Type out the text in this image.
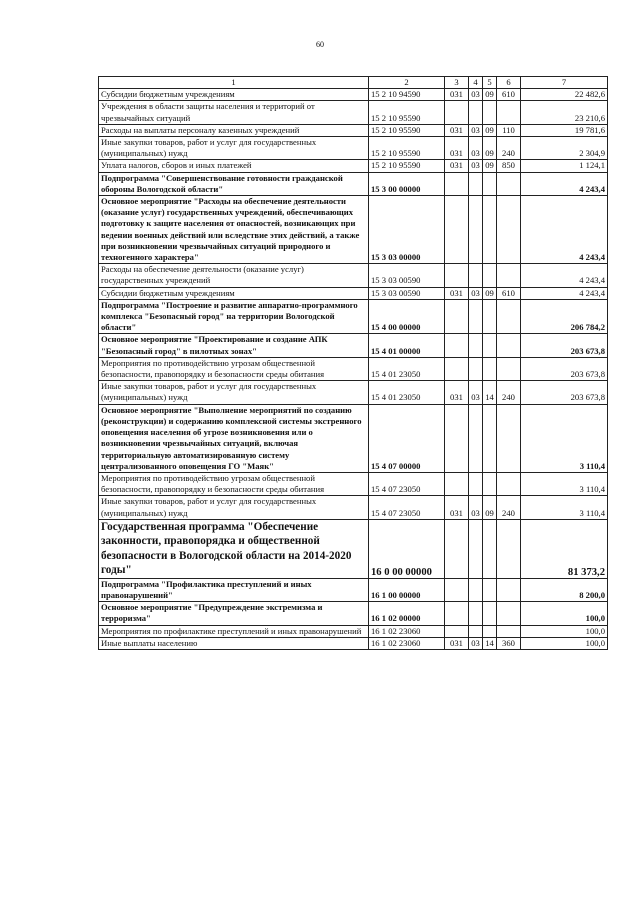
60
1	2	3	4	5	6	7
Субсидии бюджетным учреждениям	15 2 10 94590	031	03	09	610	22 482,6
Учреждения в области защиты населения и территорий от чрезвычайных ситуаций	15 2 10 95590					23 210,6
Расходы на выплаты персоналу казенных учреждений	15 2 10 95590	031	03	09	110	19 781,6
Иные закупки товаров, работ и услуг для государственных (муниципальных) нужд	15 2 10 95590	031	03	09	240	2 304,9
Уплата налогов, сборов и иных платежей	15 2 10 95590	031	03	09	850	1 124,1
Подпрограмма "Совершенствование готовности гражданской обороны Вологодской области"	15 3 00 00000					4 243,4
Основное мероприятие "Расходы на обеспечение деятельности (оказание услуг) государственных учреждений, обеспечивающих подготовку к защите населения от опасностей, возникающих при ведении военных действий или вследствие этих действий, а также при возникновении чрезвычайных ситуаций природного и техногенного характера"	15 3 03 00000					4 243,4
Расходы на обеспечение деятельности (оказание услуг) государственных учреждений	15 3 03 00590					4 243,4
Субсидии бюджетным учреждениям	15 3 03 00590	031	03	09	610	4 243,4
Подпрограмма "Построение и развитие аппаратно-программного комплекса "Безопасный город" на территории Вологодской области"	15 4 00 00000					206 784,2
Основное мероприятие "Проектирование и создание АПК "Безопасный город" в пилотных зонах"	15 4 01 00000					203 673,8
Мероприятия по противодействию угрозам общественной безопасности, правопорядку и безопасности среды обитания	15 4 01 23050					203 673,8
Иные закупки товаров, работ и услуг для государственных (муниципальных) нужд	15 4 01 23050	031	03	14	240	203 673,8
Основное мероприятие "Выполнение мероприятий по созданию (реконструкции) и содержанию комплексной системы экстренного оповещения населения об угрозе возникновения или о возникновении чрезвычайных ситуаций, включая территориальную автоматизированную систему централизованного оповещения ГО "Маяк"	15 4 07 00000					3 110,4
Мероприятия по противодействию угрозам общественной безопасности, правопорядку и безопасности среды обитания	15 4 07 23050					3 110,4
Иные закупки товаров, работ и услуг для государственных (муниципальных) нужд	15 4 07 23050	031	03	09	240	3 110,4
Государственная программа "Обеспечение законности, правопорядка и общественной безопасности в Вологодской области на 2014-2020 годы"	16 0 00 00000					81 373,2
Подпрограмма "Профилактика преступлений и иных правонарушений"	16 1 00 00000					8 200,0
Основное мероприятие "Предупреждение экстремизма и терроризма"	16 1 02 00000					100,0
Мероприятия по профилактике преступлений и иных правонарушений	16 1 02 23060					100,0
Иные выплаты населению	16 1 02 23060	031	03	14	360	100,0
